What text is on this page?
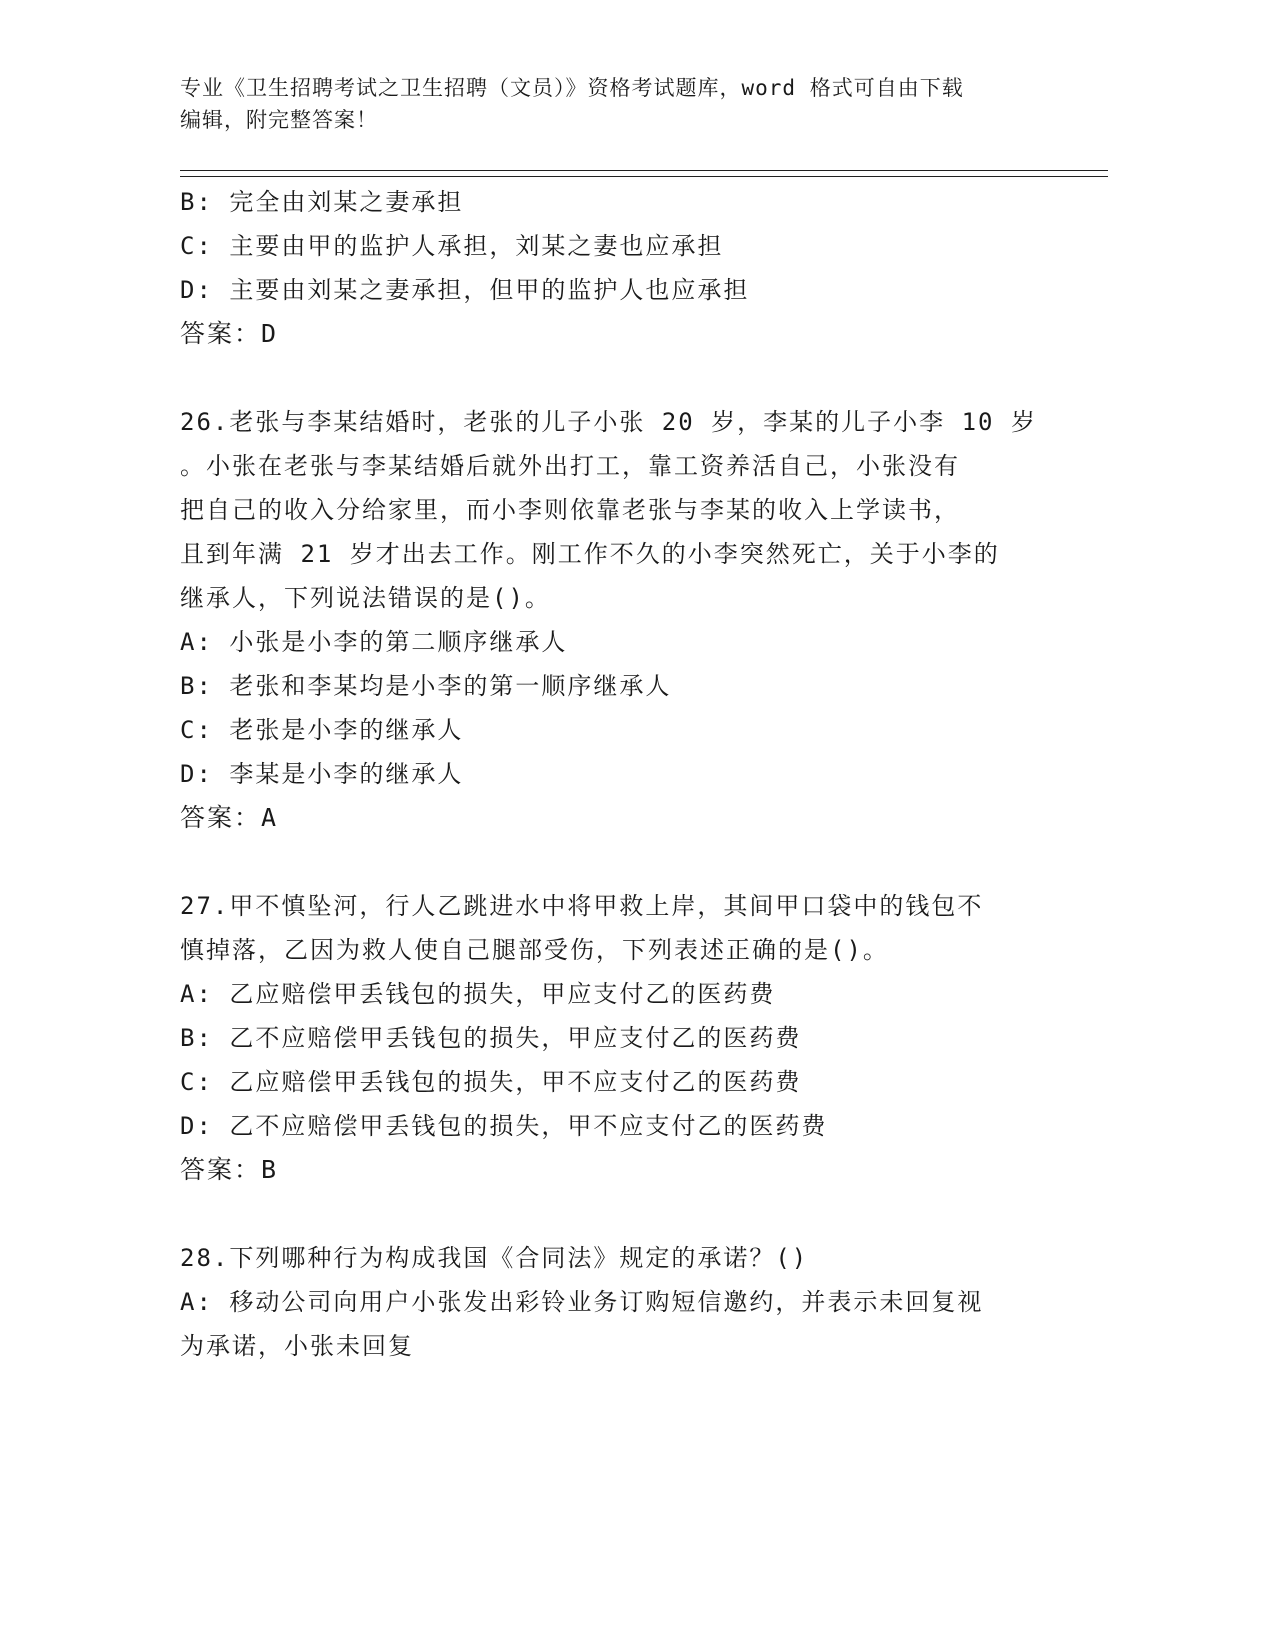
专业《卫生招聘考试之卫生招聘（文员）》资格考试题库，word 格式可自由下载
编辑，附完整答案！

B: 完全由刘某之妻承担

C: 主要由甲的监护人承担，刘某之妻也应承担

D: 主要由刘某之妻承担，但甲的监护人也应承担

答案：D

26.老张与李某结婚时，老张的儿子小张 20 岁，李某的儿子小李 10 岁

。小张在老张与李某结婚后就外出打工，靠工资养活自己，小张没有

把自己的收入分给家里，而小李则依靠老张与李某的收入上学读书，

且到年满 21 岁才出去工作。刚工作不久的小李突然死亡，关于小李的

继承人，下列说法错误的是()。

A: 小张是小李的第二顺序继承人

B: 老张和李某均是小李的第一顺序继承人

C: 老张是小李的继承人

D: 李某是小李的继承人

答案：A

27.甲不慎坠河，行人乙跳进水中将甲救上岸，其间甲口袋中的钱包不

慎掉落，乙因为救人使自己腿部受伤，下列表述正确的是()。

A: 乙应赔偿甲丢钱包的损失，甲应支付乙的医药费

B: 乙不应赔偿甲丢钱包的损失，甲应支付乙的医药费

C: 乙应赔偿甲丢钱包的损失，甲不应支付乙的医药费

D: 乙不应赔偿甲丢钱包的损失，甲不应支付乙的医药费

答案：B

28.下列哪种行为构成我国《合同法》规定的承诺？()

A: 移动公司向用户小张发出彩铃业务订购短信邀约，并表示未回复视

为承诺，小张未回复
